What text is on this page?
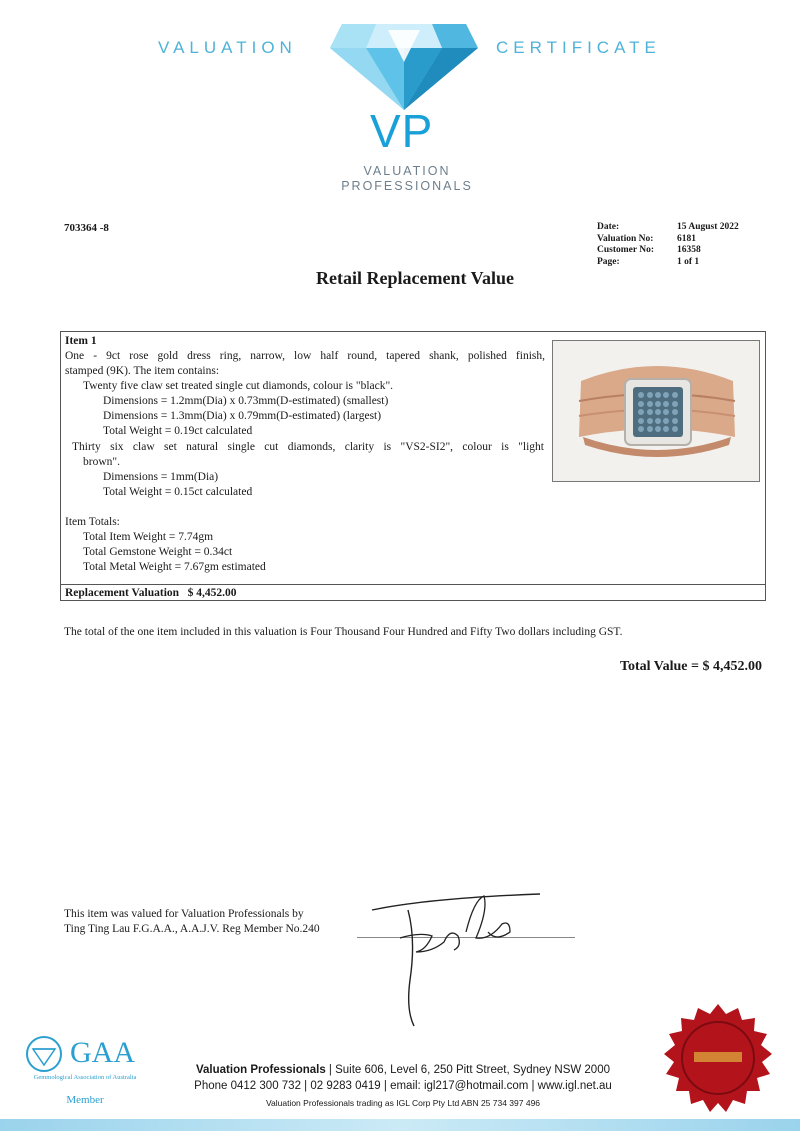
VALUATION	CERTIFICATE
VP
VALUATION
PROFESSIONALS
703364 -8	Date:
Valuation No:
Customer No:
Page:
15 August 2022
6181
16358
1 of 1
Retail Replacement Value
Item 1
One - 9ct rose gold dress ring, narrow, low half round, tapered shank, polished finish,
stamped (9K). The item contains:
Twenty five claw set treated single cut diamonds, colour is "black".
Dimensions = 1.2mm(Dia) x 0.73mm(D-estimated) (smallest)
Dimensions = 1.3mm(Dia) x 0.79mm(D-estimated) (largest)
Total Weight = 0.19ct calculated
Thirty six claw set natural single cut diamonds, clarity is "VS2-SI2", colour is "light
brown".
Dimensions = 1mm(Dia)
Total Weight = 0.15ct calculated
Item Totals:
Total Item Weight = 7.74gm
Total Gemstone Weight = 0.34ct
Total Metal Weight = 7.67gm estimated
Replacement Valuation $ 4,452.00
The total of the one item included in this valuation is Four Thousand Four Hundred and Fifty Two dollars including GST.
Total Value = $ 4,452.00
This item was valued for Valuation Professionals by
Ting Ting Lau F.G.A.A., A.A.J.V. Reg Member No.240
GAA
Gemmological Association of Australia
Member
Valuation Professionals | Suite 606, Level 6, 250 Pitt Street, Sydney NSW 2000
Phone 0412 300 732 | 02 9283 0419 | email: igl217@hotmail.com | www.igl.net.au
Valuation Professionals trading as IGL Corp Pty Ltd ABN 25 734 397 496
